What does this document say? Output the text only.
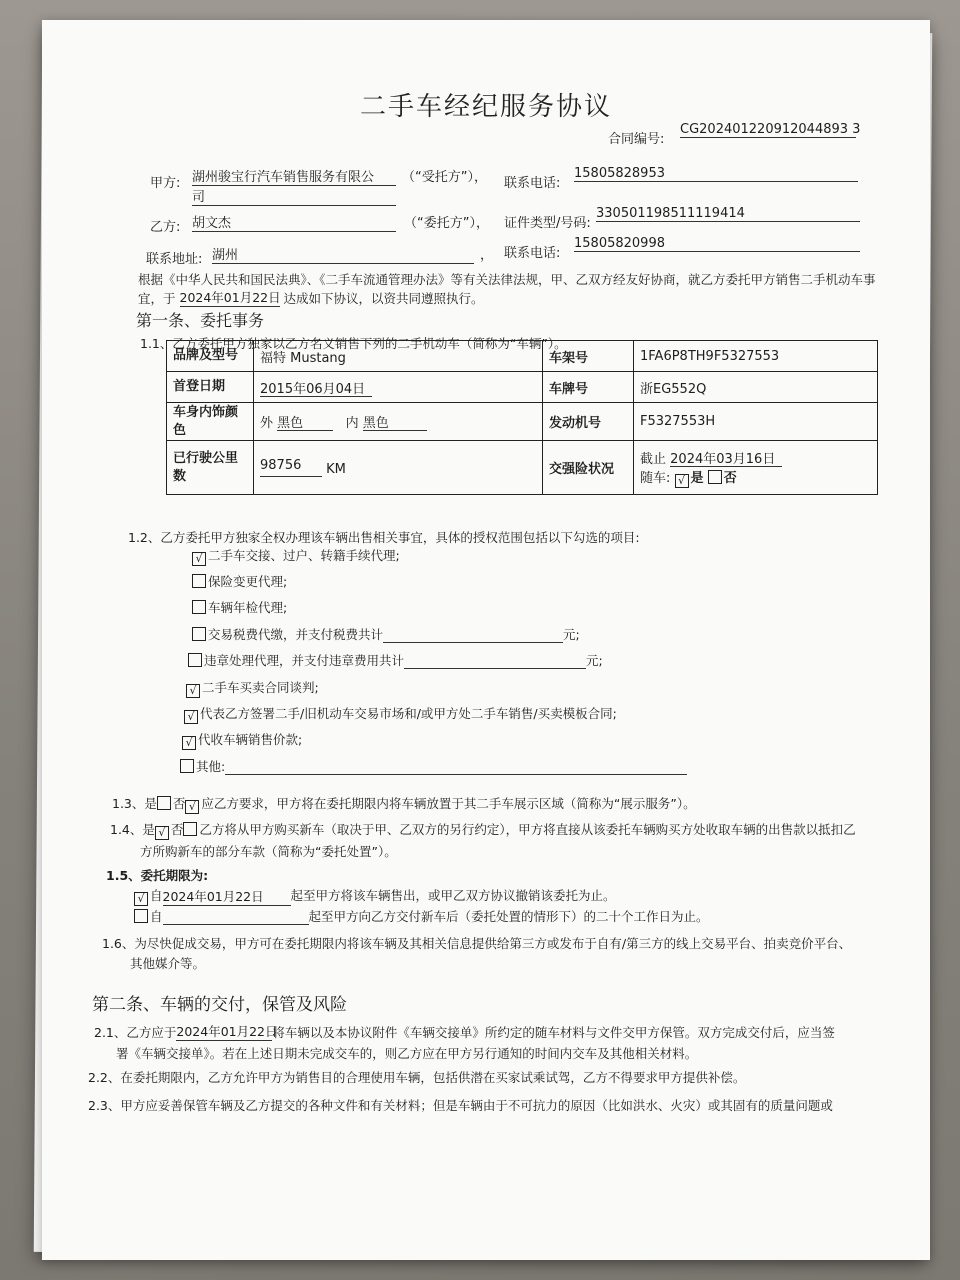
二手车经纪服务协议
合同编号:
CG202401220912044893 3
甲方: 湖州骏宝行汽车销售服务有限公
司
（“受托方”）， 联系电话:
15805828953
乙方: 胡文杰	（“委托方”）， 证件类型/号码:
330501198511119414
联系地址: 湖州	， 联系电话:
15805820998
根据《中华人民共和国民法典》、《二手车流通管理办法》等有关法律法规，甲、乙双方经友好协商，就乙方委托甲方销售二手机动车事
宜，于 2024年01月22日 达成如下协议，以资共同遵照执行。
第一条、委托事务
1.1、乙方委托甲方独家以乙方名义销售下列的二手机动车（简称为“车辆”）。
品牌及型号	福特 Mustang	车架号	1FA6P8TH9F5327553
首登日期	2015年06月04日	车牌号	浙EG552Q
车身内饰颜
色	外 黑色 内 黑色	发动机号	F5327553H
已行驶公里
数	98756 KM	交强险状况	截止 2024年03月16日
随车: √ 是 否
1.2、乙方委托甲方独家全权办理该车辆出售相关事宜，具体的授权范围包括以下勾选的项目:
√ 二手车交接、过户、转籍手续代理;
保险变更代理;
车辆年检代理;
交易税费代缴，并支付税费共计	元;
违章处理代理，并支付违章费用共计	元;
√ 二手车买卖合同谈判;
√ 代表乙方签署二手/旧机动车交易市场和/或甲方处二手车销售/买卖模板合同;
√ 代收车辆销售价款;
其他:
1.3、是 否 √ 应乙方要求，甲方将在委托期限内将车辆放置于其二手车展示区域（简称为“展示服务”）。
1.4、是 √ 否 乙方将从甲方购买新车（取决于甲、乙双方的另行约定），甲方将直接从该委托车辆购买方处收取车辆的出售款以抵扣乙
方所购新车的部分车款（简称为“委托处置”）。
1.5、委托期限为:
√ 自2024年01月22日 起至甲方将该车辆售出，或甲乙双方协议撤销该委托为止。
自	起至甲方向乙方交付新车后（委托处置的情形下）的二十个工作日为止。
1.6、为尽快促成交易，甲方可在委托期限内将该车辆及其相关信息提供给第三方或发布于自有/第三方的线上交易平台、拍卖竞价平台、
其他媒介等。
第二条、车辆的交付，保管及风险
2.1、乙方应于2024年01月22日将车辆以及本协议附件《车辆交接单》所约定的随车材料与文件交甲方保管。双方完成交付后，应当签
署《车辆交接单》。若在上述日期未完成交车的，则乙方应在甲方另行通知的时间内交车及其他相关材料。
2.2、在委托期限内，乙方允许甲方为销售目的合理使用车辆，包括供潜在买家试乘试驾，乙方不得要求甲方提供补偿。
2.3、甲方应妥善保管车辆及乙方提交的各种文件和有关材料；但是车辆由于不可抗力的原因（比如洪水、火灾）或其固有的质量问题或
